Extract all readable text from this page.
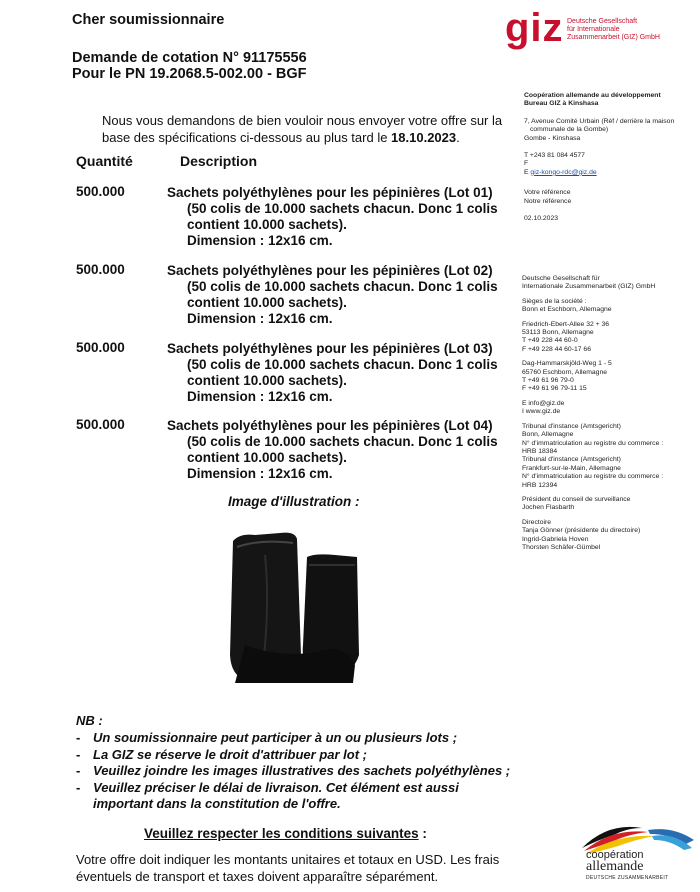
Cher soumissionnaire
Demande de cotation N° 91175556
Pour le PN 19.2068.5-002.00 - BGF
giz Deutsche Gesellschaft
für Internationale
Zusammenarbeit (GIZ) GmbH
Nous vous demandons de bien vouloir nous envoyer votre offre sur la base des spécifications ci-dessous au plus tard le 18.10.2023.
Quantité	Description
500.000	Sachets polyéthylènes pour les pépinières (Lot 01)
(50 colis de 10.000 sachets chacun. Donc 1 colis
contient 10.000 sachets).
Dimension : 12x16 cm.
500.000	Sachets polyéthylènes pour les pépinières (Lot 02)
(50 colis de 10.000 sachets chacun. Donc 1 colis
contient 10.000 sachets).
Dimension : 12x16 cm.
500.000	Sachets polyéthylènes pour les pépinières (Lot 03)
(50 colis de 10.000 sachets chacun. Donc 1 colis
contient 10.000 sachets).
Dimension : 12x16 cm.
500.000	Sachets polyéthylènes pour les pépinières (Lot 04)
(50 colis de 10.000 sachets chacun. Donc 1 colis
contient 10.000 sachets).
Dimension : 12x16 cm.
Image d'illustration :
NB :
- Un soumissionnaire peut participer à un ou plusieurs lots ;
- La GIZ se réserve le droit d'attribuer par lot ;
- Veuillez joindre les images illustratives des sachets polyéthylènes ;
- Veuillez préciser le délai de livraison. Cet élément est aussi important dans la constitution de l'offre.
Veuillez respecter les conditions suivantes :
Votre offre doit indiquer les montants unitaires et totaux en USD. Les frais éventuels de transport et taxes doivent apparaître séparément.

Coopération allemande au développement

Bureau GIZ à Kinshasa

7, Avenue Comité Urbain (Réf / derrière la maison

communale de la Gombe)

Gombe - Kinshasa

T +243 81 084 4577

F

E giz-kongo-rdc@giz.de

Votre référence

Notre référence

02.10.2023

Deutsche Gesellschaft für

Internationale Zusammenarbeit (GIZ) GmbH

Sièges de la société :

Bonn et Eschborn, Allemagne

Friedrich-Ebert-Allee 32 + 36

53113 Bonn, Allemagne

T +49 228 44 60-0

F +49 228 44 60-17 66

Dag-Hammarskjöld-Weg 1 - 5

65760 Eschborn, Allemagne

T +49 61 96 79-0

F +49 61 96 79-11 15

E info@giz.de

I www.giz.de

Tribunal d'instance (Amtsgericht)

Bonn, Allemagne

N° d'immatriculation au registre du commerce :

HRB 18384

Tribunal d'instance (Amtsgericht)

Frankfurt-sur-le-Main, Allemagne

N° d'immatriculation au registre du commerce :

HRB 12394

Président du conseil de surveillance

Jochen Flasbarth

Directoire

Tanja Gönner (présidente du directoire)

Ingrid-Gabriela Hoven

Thorsten Schäfer-Gümbel

coopération
allemande
DEUTSCHE ZUSAMMENARBEIT
